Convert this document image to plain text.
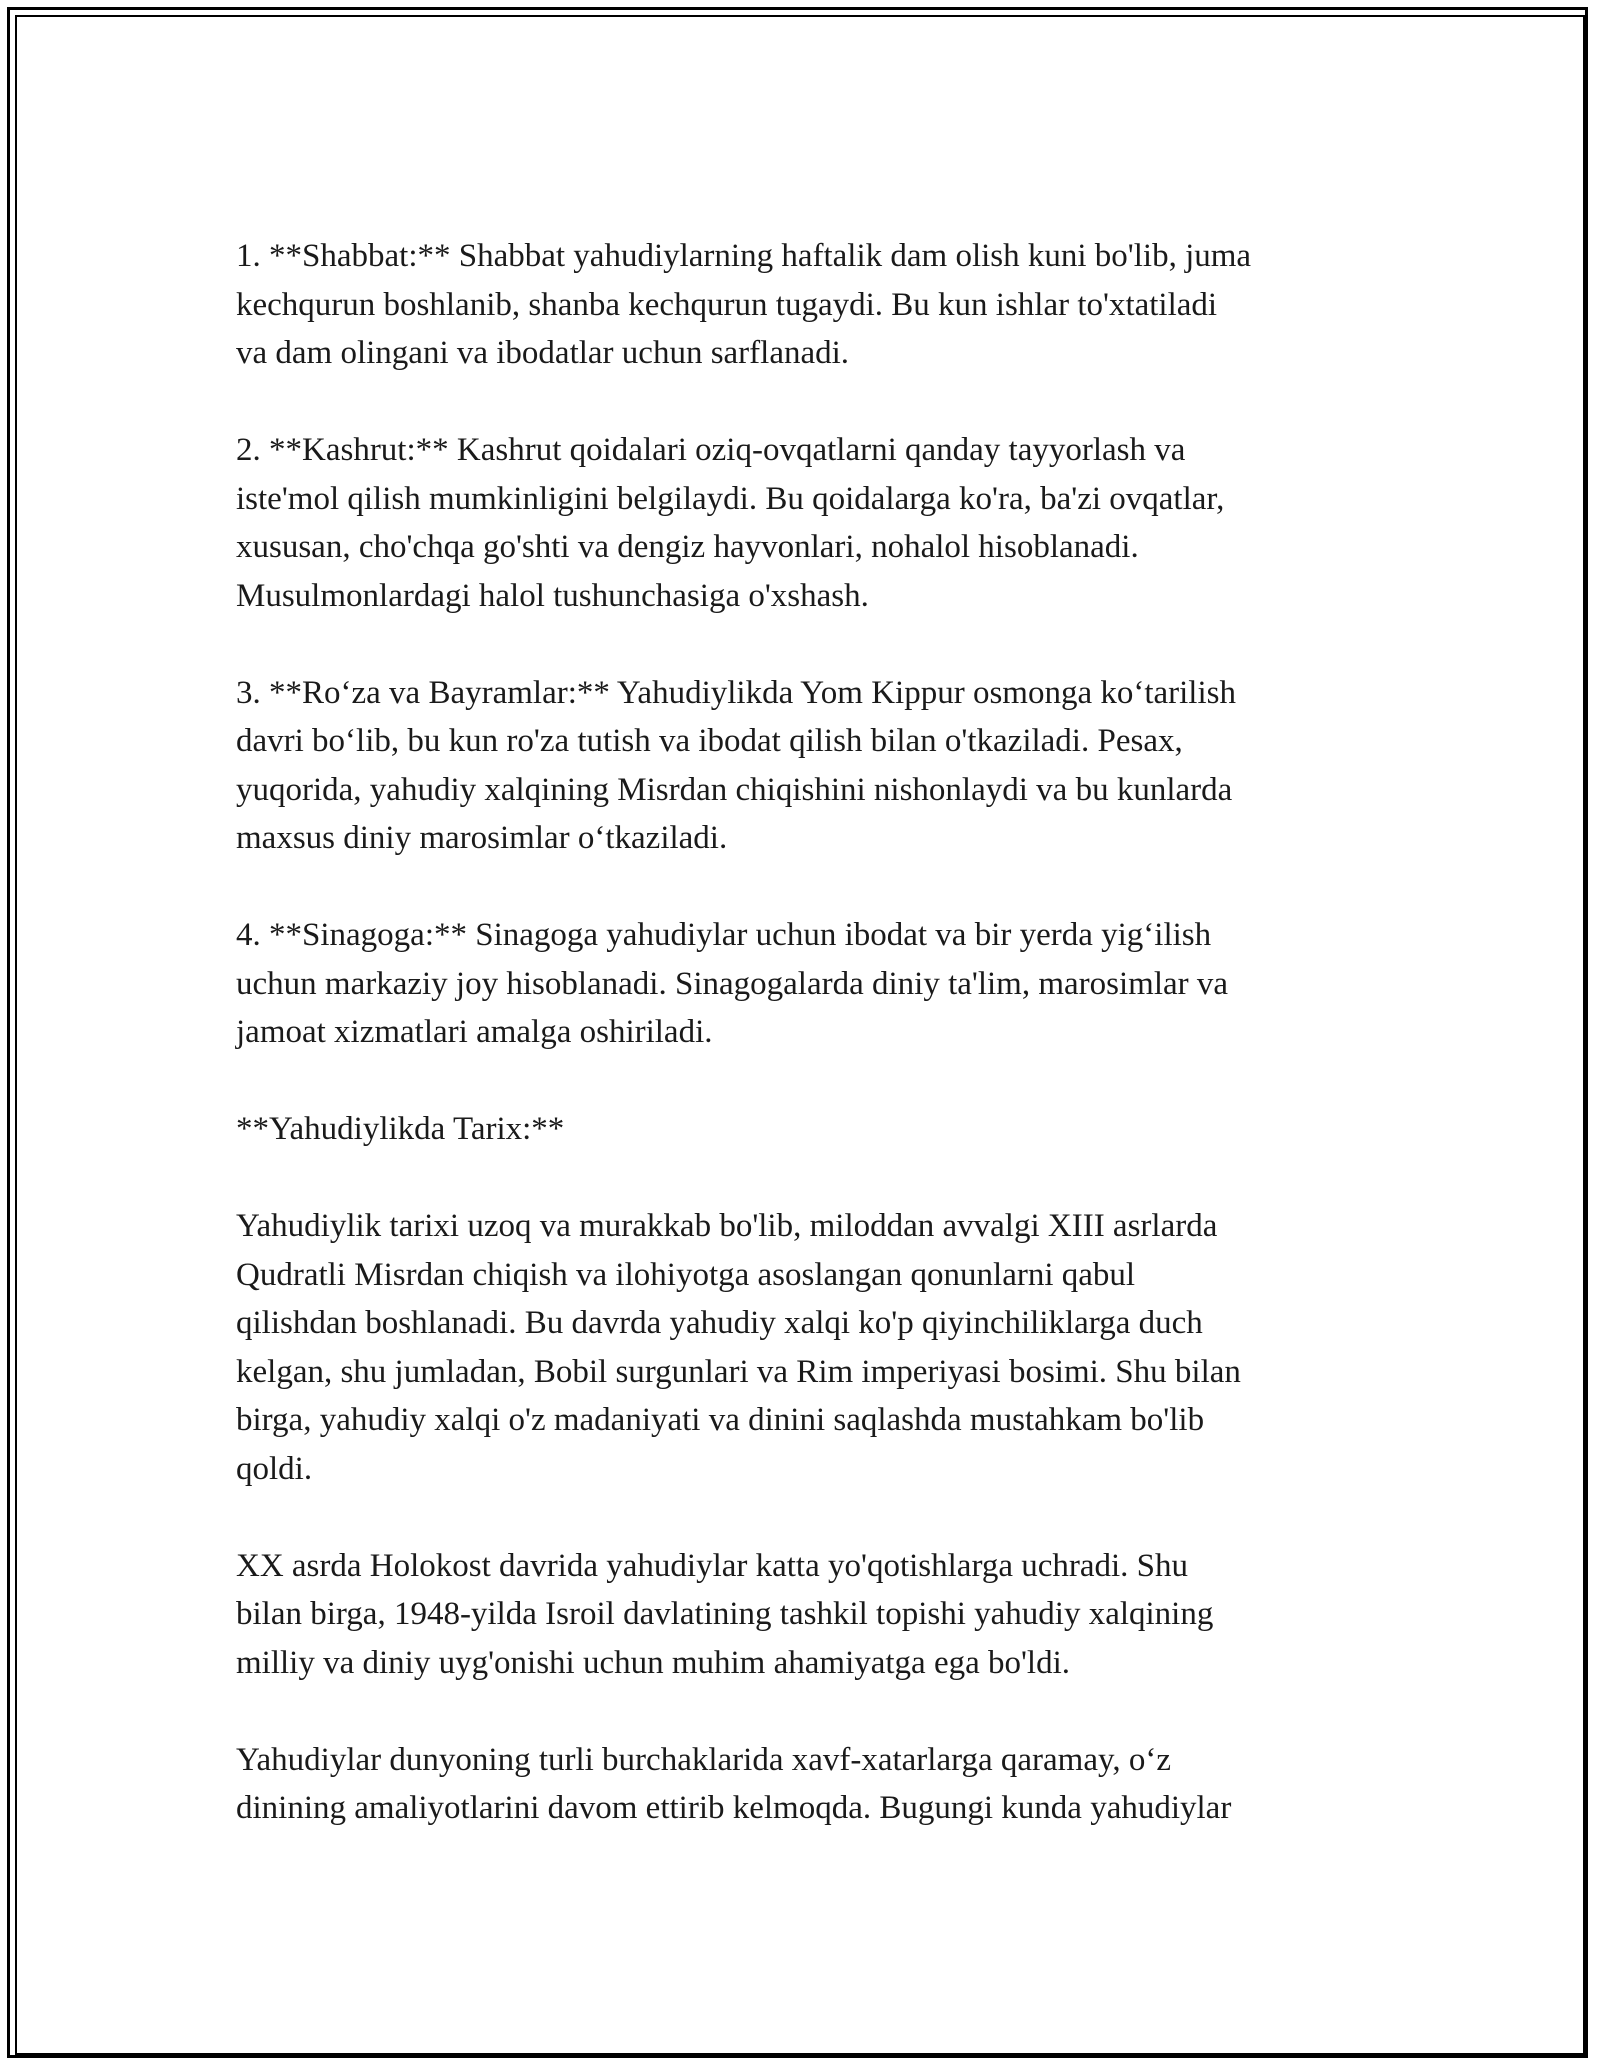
1. **Shabbat:** Shabbat yahudiylarning haftalik dam olish kuni bo'lib, juma
kechqurun boshlanib, shanba kechqurun tugaydi. Bu kun ishlar to'xtatiladi
va dam olingani va ibodatlar uchun sarflanadi.

2. **Kashrut:** Kashrut qoidalari oziq-ovqatlarni qanday tayyorlash va
iste'mol qilish mumkinligini belgilaydi. Bu qoidalarga ko'ra, ba'zi ovqatlar,
xususan, cho'chqa go'shti va dengiz hayvonlari, nohalol hisoblanadi.
Musulmonlardagi halol tushunchasiga o'xshash.

3. **Ro‘za va Bayramlar:** Yahudiylikda Yom Kippur osmonga ko‘tarilish
davri bo‘lib, bu kun ro'za tutish va ibodat qilish bilan o'tkaziladi. Pesax,
yuqorida, yahudiy xalqining Misrdan chiqishini nishonlaydi va bu kunlarda
maxsus diniy marosimlar o‘tkaziladi.

4. **Sinagoga:** Sinagoga yahudiylar uchun ibodat va bir yerda yig‘ilish
uchun markaziy joy hisoblanadi. Sinagogalarda diniy ta'lim, marosimlar va
jamoat xizmatlari amalga oshiriladi.

**Yahudiylikda Tarix:**

Yahudiylik tarixi uzoq va murakkab bo'lib, miloddan avvalgi XIII asrlarda
Qudratli Misrdan chiqish va ilohiyotga asoslangan qonunlarni qabul
qilishdan boshlanadi. Bu davrda yahudiy xalqi ko'p qiyinchiliklarga duch
kelgan, shu jumladan, Bobil surgunlari va Rim imperiyasi bosimi. Shu bilan
birga, yahudiy xalqi o'z madaniyati va dinini saqlashda mustahkam bo'lib
qoldi.

XX asrda Holokost davrida yahudiylar katta yo'qotishlarga uchradi. Shu
bilan birga, 1948-yilda Isroil davlatining tashkil topishi yahudiy xalqining
milliy va diniy uyg'onishi uchun muhim ahamiyatga ega bo'ldi.

Yahudiylar dunyoning turli burchaklarida xavf-xatarlarga qaramay, o‘z
dinining amaliyotlarini davom ettirib kelmoqda. Bugungi kunda yahudiylar
